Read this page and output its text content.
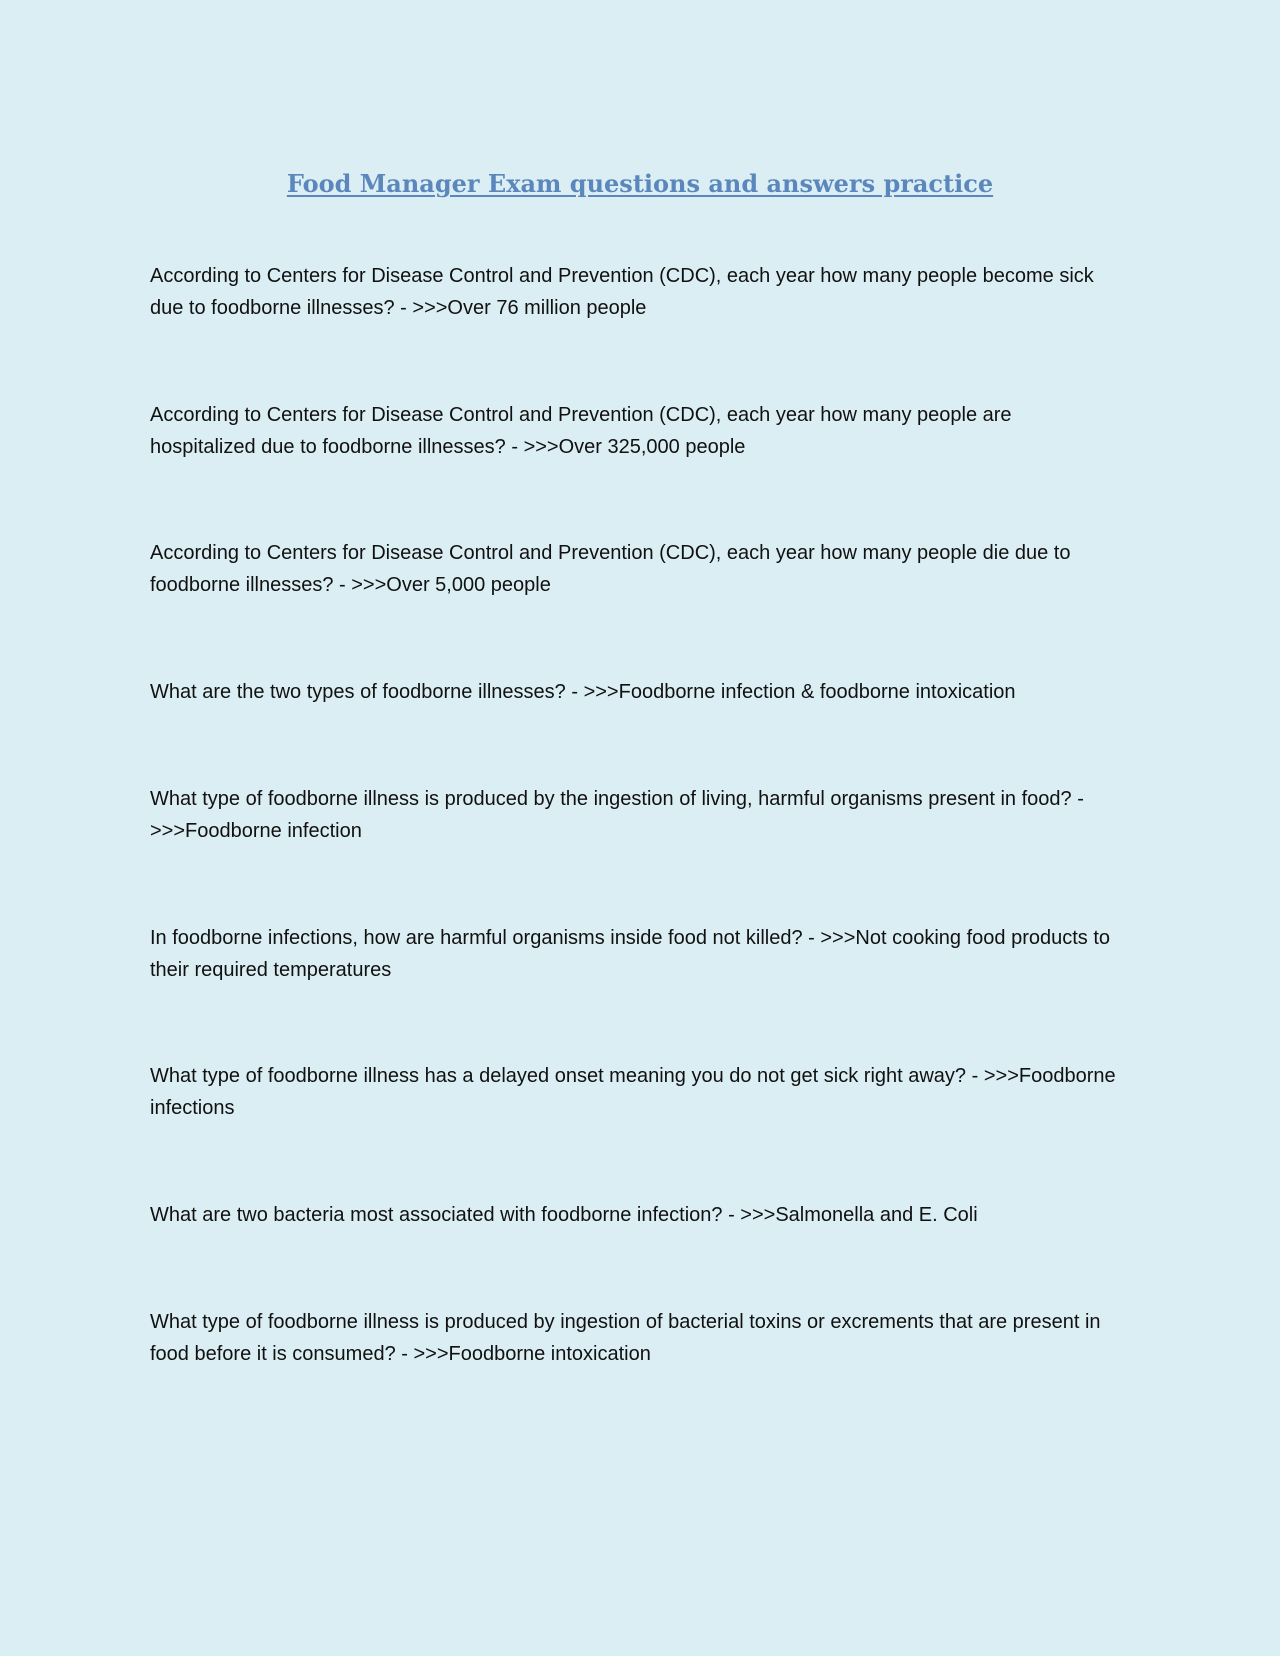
Food Manager Exam questions and answers practice

According to Centers for Disease Control and Prevention (CDC), each year how many people become sick due to foodborne illnesses? - >>>Over 76 million people

According to Centers for Disease Control and Prevention (CDC), each year how many people are hospitalized due to foodborne illnesses? - >>>Over 325,000 people

According to Centers for Disease Control and Prevention (CDC), each year how many people die due to foodborne illnesses? - >>>Over 5,000 people

What are the two types of foodborne illnesses? - >>>Foodborne infection & foodborne intoxication

What type of foodborne illness is produced by the ingestion of living, harmful organisms present in food? - >>>Foodborne infection

In foodborne infections, how are harmful organisms inside food not killed? - >>>Not cooking food products to their required temperatures

What type of foodborne illness has a delayed onset meaning you do not get sick right away? - >>>Foodborne infections

What are two bacteria most associated with foodborne infection? - >>>Salmonella and E. Coli

What type of foodborne illness is produced by ingestion of bacterial toxins or excrements that are present in food before it is consumed? - >>>Foodborne intoxication
